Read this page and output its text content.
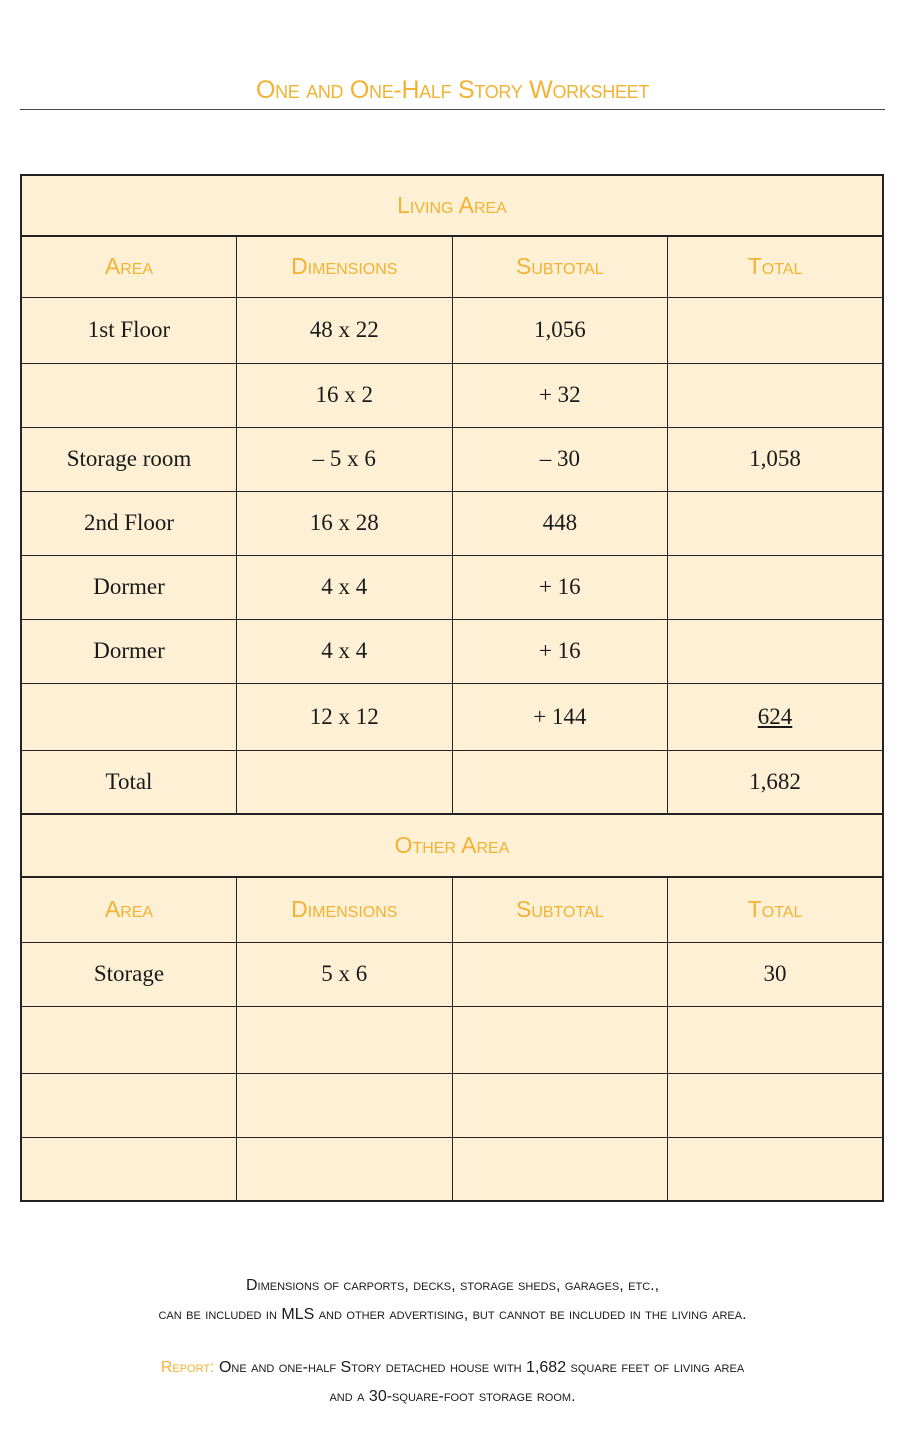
One and One-Half Story Worksheet
Living Area			
Area	Dimensions	Subtotal	Total
1st Floor	48 x 22	1,056	
	16 x 2	+ 32	
Storage room	– 5 x 6	– 30	1,058
2nd Floor	16 x 28	448	
Dormer	4 x 4	+ 16	
Dormer	4 x 4	+ 16	
	12 x 12	+ 144	624
Total			1,682
Other Area			
Area	Dimensions	Subtotal	Total
Storage	5 x 6		30

Dimensions of carports, decks, storage sheds, garages, etc.,
can be included in MLS and other advertising, but cannot be included in the living area.
Report: One and one-half Story detached house with 1,682 square feet of living area
and a 30-square-foot storage room.
